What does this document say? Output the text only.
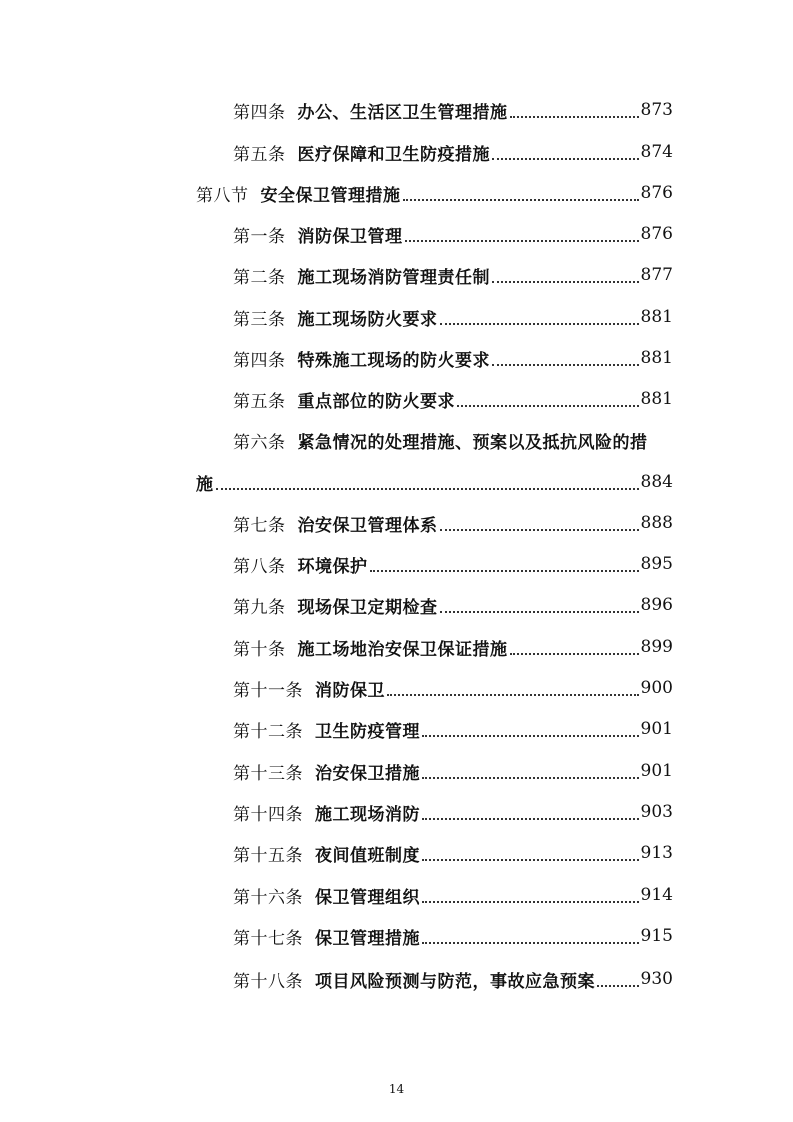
第四条 办公、生活区卫生管理措施	873
第五条 医疗保障和卫生防疫措施	874
第八节 安全保卫管理措施	876
第一条 消防保卫管理	876
第二条 施工现场消防管理责任制	877
第三条 施工现场防火要求	881
第四条 特殊施工现场的防火要求	881
第五条 重点部位的防火要求	881
第六条 紧急情况的处理措施、预案以及抵抗风险的措
施	884
第七条 治安保卫管理体系	888
第八条 环境保护	895
第九条 现场保卫定期检查	896
第十条 施工场地治安保卫保证措施	899
第十一条 消防保卫	900
第十二条 卫生防疫管理	901
第十三条 治安保卫措施	901
第十四条 施工现场消防	903
第十五条 夜间值班制度	913
第十六条 保卫管理组织	914
第十七条 保卫管理措施	915
第十八条 项目风险预测与防范，事故应急预案	930
14
